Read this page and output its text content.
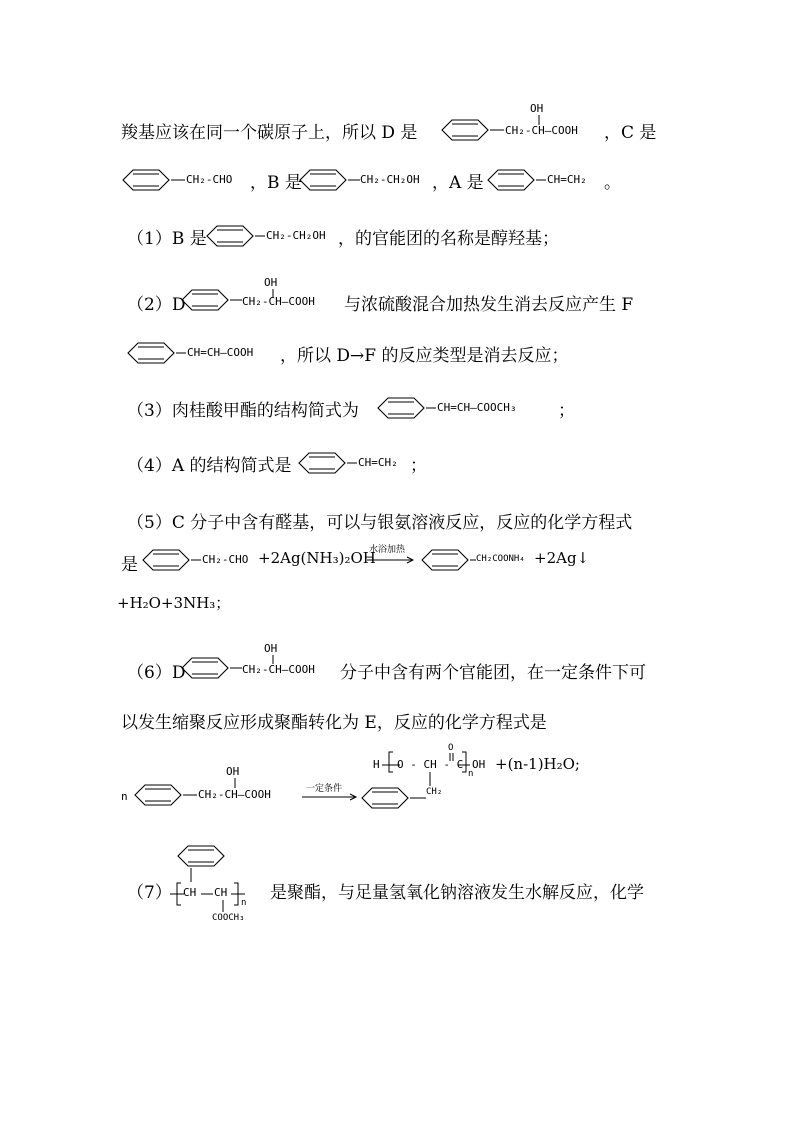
羧基应该在同一个碳原子上，所以 D 是
OH
CH₂-CH—COOH ，C 是
CH₂-CHO ，B 是	CH₂-CH₂OH ，A 是	CH=CH₂ 。
（1）B 是	CH₂-CH₂OH ，的官能团的名称是醇羟基；
（2）D
OH
CH₂-CH—COOH 与浓硫酸混合加热发生消去反应产生 F
CH=CH—COOH ，所以 D→F 的反应类型是消去反应；
（3）肉桂酸甲酯的结构简式为	CH=CH—COOCH₃ ；
（4）A 的结构简式是	CH=CH₂ ；
（5）C 分子中含有醛基，可以与银氨溶液反应，反应的化学方程式
是	CH₂-CHO +2Ag(NH₃)₂OH
水浴加热
CH₂COONH₄ +2Ag↓
+H₂O+3NH₃；
（6）D
OH
CH₂-CH—COOH 分子中含有两个官能团，在一定条件下可
以发生缩聚反应形成聚酯转化为 E，反应的化学方程式是
n
OH
CH₂-CH—COOH	一定条件
H O - CH - C
O
n
OH
CH₂
+(n-1)H₂O;
（7） CH CH
n
COOCH₃
是聚酯，与足量氢氧化钠溶液发生水解反应，化学
